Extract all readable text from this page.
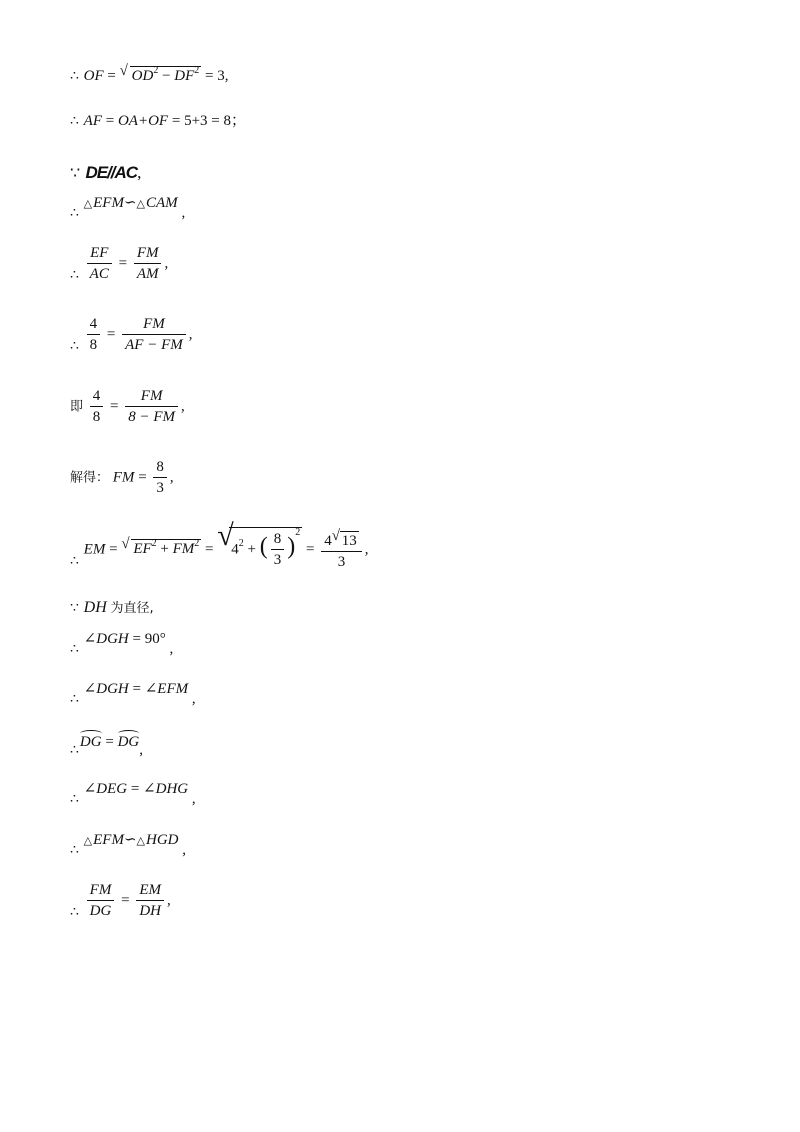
∴ OF = √ $OD^2 - DF^2 = 3$,
∴ AF = OA+OF = 5+3 = 8；
∵ DE//AC,
∴ △EFM∽△CAM ,
∴ $\frac{EF}{AC} = \frac{FM}{AM}$ ,
∴ $\frac{4}{8} = \frac{FM}{AF - FM}$ ,
即 $\frac{4}{8} = \frac{FM}{8 - FM}$ ,
解得： FM = $\frac{8}{3}$ ,
∴ EM = √ $EF^2 + FM^2$ = √
$4^2$ + ( $\frac{8}{3} )^2 = \frac{4 √ 13}{3}$ ,
∵ DH 为直径,
∴ ∠DGH = 90° ,
∴ ∠DGH = ∠EFM ,
∴DG = DG,
∴ ∠DEG = ∠DHG ,
∴ △EFM∽△HGD ,
∴ $\frac{FM}{DG} = \frac{EM}{DH}$ ,
